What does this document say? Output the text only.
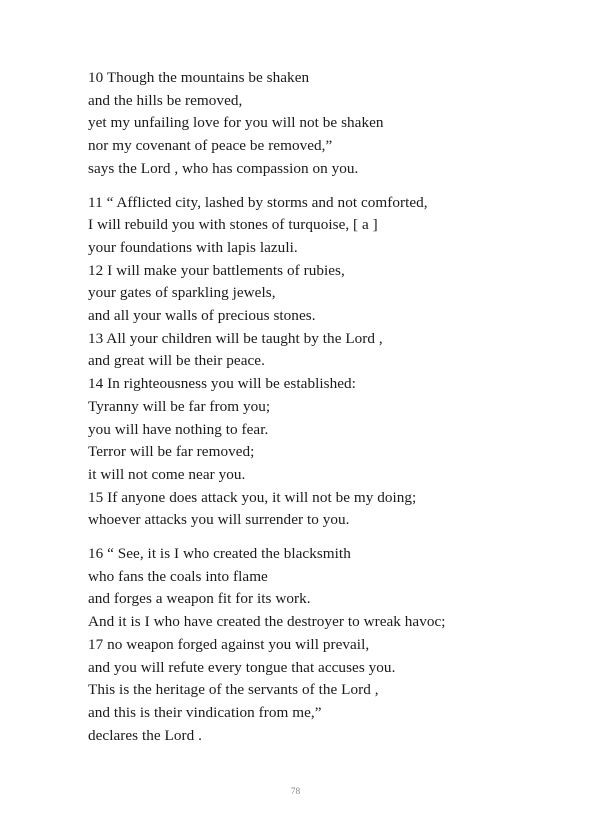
10 Though the mountains be shaken
and the hills be removed,
yet my unfailing love for you will not be shaken
nor my covenant of peace be removed,”
says the Lord , who has compassion on you.

11 “ Afflicted city, lashed by storms and not comforted,
I will rebuild you with stones of turquoise, [ a ]
your foundations with lapis lazuli.
12 I will make your battlements of rubies,
your gates of sparkling jewels,
and all your walls of precious stones.
13 All your children will be taught by the Lord ,
and great will be their peace.
14 In righteousness you will be established:
Tyranny will be far from you;
you will have nothing to fear.
Terror will be far removed;
it will not come near you.
15 If anyone does attack you, it will not be my doing;
whoever attacks you will surrender to you.

16 “ See, it is I who created the blacksmith
who fans the coals into flame
and forges a weapon fit for its work.
And it is I who have created the destroyer to wreak havoc;
17 no weapon forged against you will prevail,
and you will refute every tongue that accuses you.
This is the heritage of the servants of the Lord ,
and this is their vindication from me,”
declares the Lord .

78
